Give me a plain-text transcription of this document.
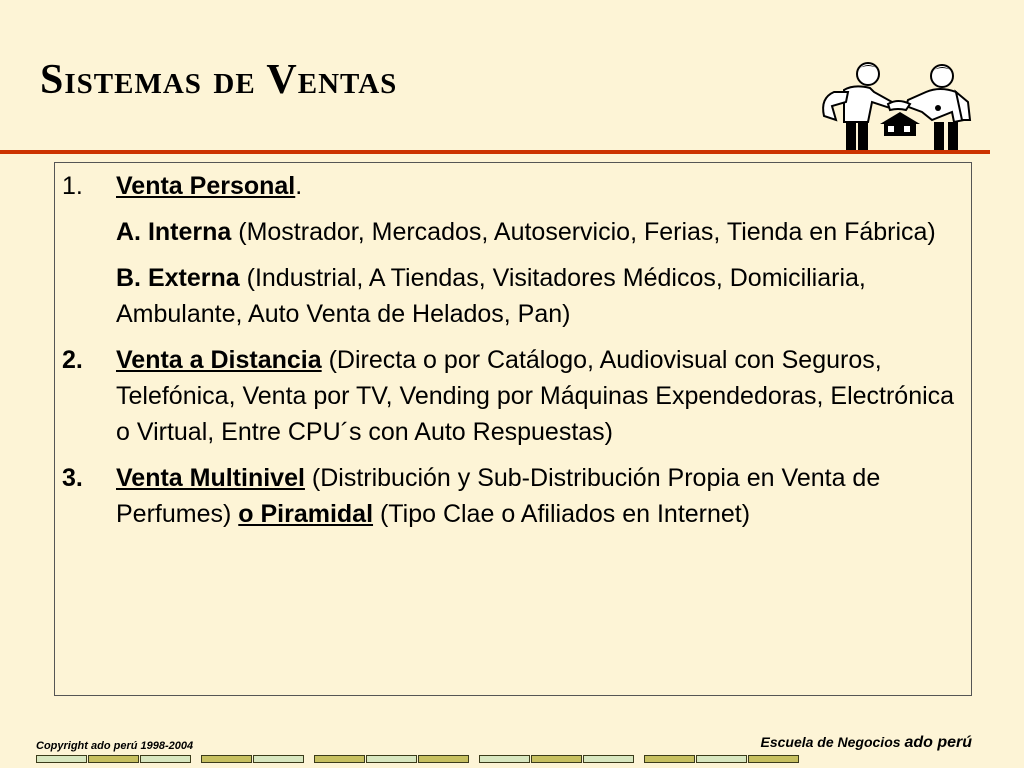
Sistemas de Ventas
1.	Venta Personal.
A. Interna (Mostrador, Mercados, Autoservicio, Ferias, Tienda en Fábrica)
B. Externa (Industrial, A Tiendas, Visitadores Médicos, Domiciliaria, Ambulante, Auto Venta de Helados, Pan)
2.	Venta a Distancia (Directa o por Catálogo, Audiovisual con Seguros, Telefónica, Venta por TV, Vending por Máquinas Expendedoras, Electrónica o Virtual, Entre CPU´s con Auto Respuestas)
3.	Venta Multinivel (Distribución y Sub-Distribución Propia en Venta de Perfumes) o Piramidal (Tipo Clae o Afiliados en Internet)
Copyright ado perú 1998-2004	Escuela de Negocios ado perú
